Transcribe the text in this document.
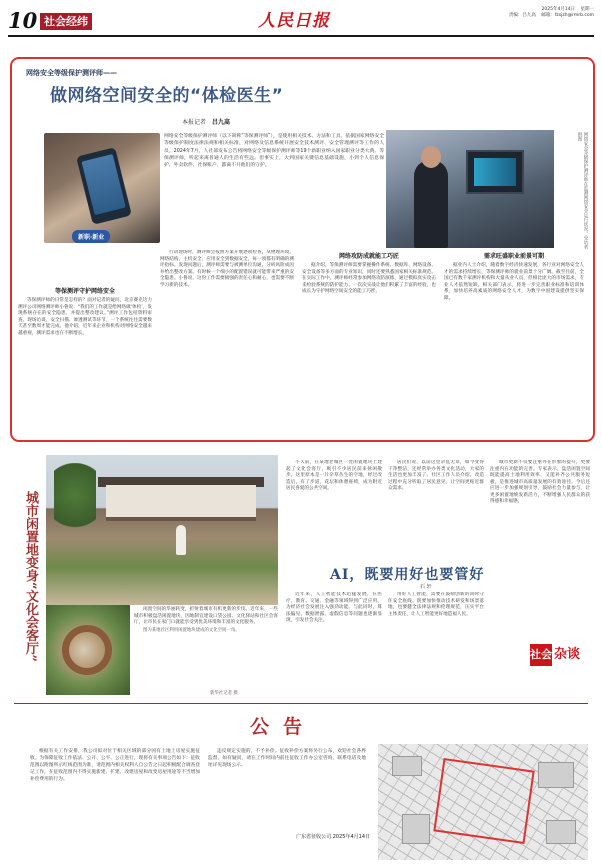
10 社会经纬	人民日报
2025年4月14日 星期一
责编：吕九高 邮箱：fzsjzh@rmrb.com
网络安全等级保护测评师——
做网络空间安全的“体检医生”
本报记者 吕九高
新职·新业
网络安全等级保护测评师（以下简称“等保测评师”），是使用相关技术、方法和工具，依据国家网络安全等级保护制度法律法规和相关标准，对网络及信息系统开展安全技术测评、安全管理测评等工作的人员。2024年7月，人社部发布公告将网络安全等级保护测评师等19个新职业纳入国家职业分类大典。等保测评师，听起来离普通人的生活有些远。但事实上，大到国家关键信息基础设施，小到个人信息保护、外卖软件、社保账户，都离不开他们的守护。	网络安全等级保护测评师在监测网络安全运行状况。受访者供图
等保测评守护网络安全

等保测评师的日常是怎样的？面对记者的疑问，北京赛克达力测评公司网络测评师小鲁说：“我们的工作就是给网络做‘体检’，发现系统存在的安全隐患，并提出整改建议。”测评工作包括资料审查、现场访谈、安全扫描、渗透测试等环节，一个系统往往需要数天甚至数周才能完成。他介绍，近年来企业和机构对网络安全越来越重视，测评需求也在不断增长。

行动现场时，测评师会按照方案开展逐项检查，从物理环境、网络结构、主机安全、应用安全到数据安全，每一项都有明确的测评指标。发现问题后，测评师需要与被测单位沟通，分析风险成因并给出整改方案。有时候一个细小的配置错误就可能带来严重的安全隐患。小鲁说，这份工作需要极强的责任心和耐心，也需要不断学习新的技术。

网络攻防成就能工巧匠

据介绍，等保测评师需要掌握操作系统、数据库、网络设备、安全设备等多方面的专业知识，同时还要熟悉国家相关标准规范。在实际工作中，测评师经常参加网络攻防演练，通过模拟真实攻击来检验系统的防护能力。一次次实战让他们积累了丰富的经验，也成长为守护网络空间安全的能工巧匠。

需求旺盛职业前景可期

据业内人士介绍，随着数字经济快速发展，各行业对网络安全人才的需求持续增长，等保测评师的就业前景十分广阔。截至目前，全国已有数千家测评机构和大量从业人员，但相比庞大的市场需求，专业人才依然短缺。相关部门表示，将进一步完善职业标准和培训体系，加快培养高素质的网络安全人才，为数字中国建设提供坚实保障。

城市闲置地变身“文化会客厅”	闲置空间的华丽转变，折射着城市有机更新的步伐。近年来，一些城市积极盘活闲置地块，因地制宜建设口袋公园、文化驿站和社区会客厅，让市民在家门口就能享受到优美环境和丰富的文化服务。

图为某地社区利用闲置地块建成的文化空间一角。

新华社记者 摄

不久前，在某地老城区一处闲置地块上建起了文化会客厅，吸引不少居民前来休闲散步。这里原本是一片杂草丛生的空地，经过改造后，有了步道、花坛和休憩座椅，成为附近居民喜爱的公共空间。

居民们说，以前这里杂乱无章，如今变得干净整洁，还经常举办各类文化活动，大家的生活也更加丰富了。社区工作人员介绍，改造过程中充分听取了居民意见，让空间更贴近群众需求。

城市更新不仅要注重外在形象的提升，更要注重内在功能的完善。专家表示，盘活闲置空间既能提高土地利用效率，又能补齐公共服务短板，是推进城市高质量发展的有效途径。今后还应进一步加强规划引导，鼓励社会力量参与，让更多闲置地焕发新活力，不断增强人民群众的获得感和幸福感。

AI，既要用好也要管好
石 轩

近年来，人工智能技术迅猛发展，在医疗、教育、交通、金融等领域得到广泛应用，为经济社会发展注入强劲动能。与此同时，算法偏见、数据泄露、虚假信息等问题也逐渐显现，引发社会关注。

用好人工智能，需要在鼓励创新的同时守住安全底线。既要加快推动技术研发和场景落地，也要健全法律法规和伦理规范，压实平台主体责任，让人工智能更好地造福人民。

社会 杂谈
公告

根据有关工作安排，我公司拟对位于相关区域的部分国有土地上房屋实施征收。为保障征收工作依法、公开、公平、公正进行，现将有关事项公告如下：征收范围以附图所示红线范围为准，请范围内相关权利人自公告之日起积极配合调查登记工作，在征收范围内不得实施新建、扩建、改建房屋和改变房屋用途等不当增加补偿费用的行为。

违反规定实施的，不予补偿。征收补偿方案将另行公布，欢迎社会各界监督。如有疑问，请在工作时间内前往征收工作办公室咨询，联系电话及地址详见现场公示。

广东省征收公司 2025年4月14日
